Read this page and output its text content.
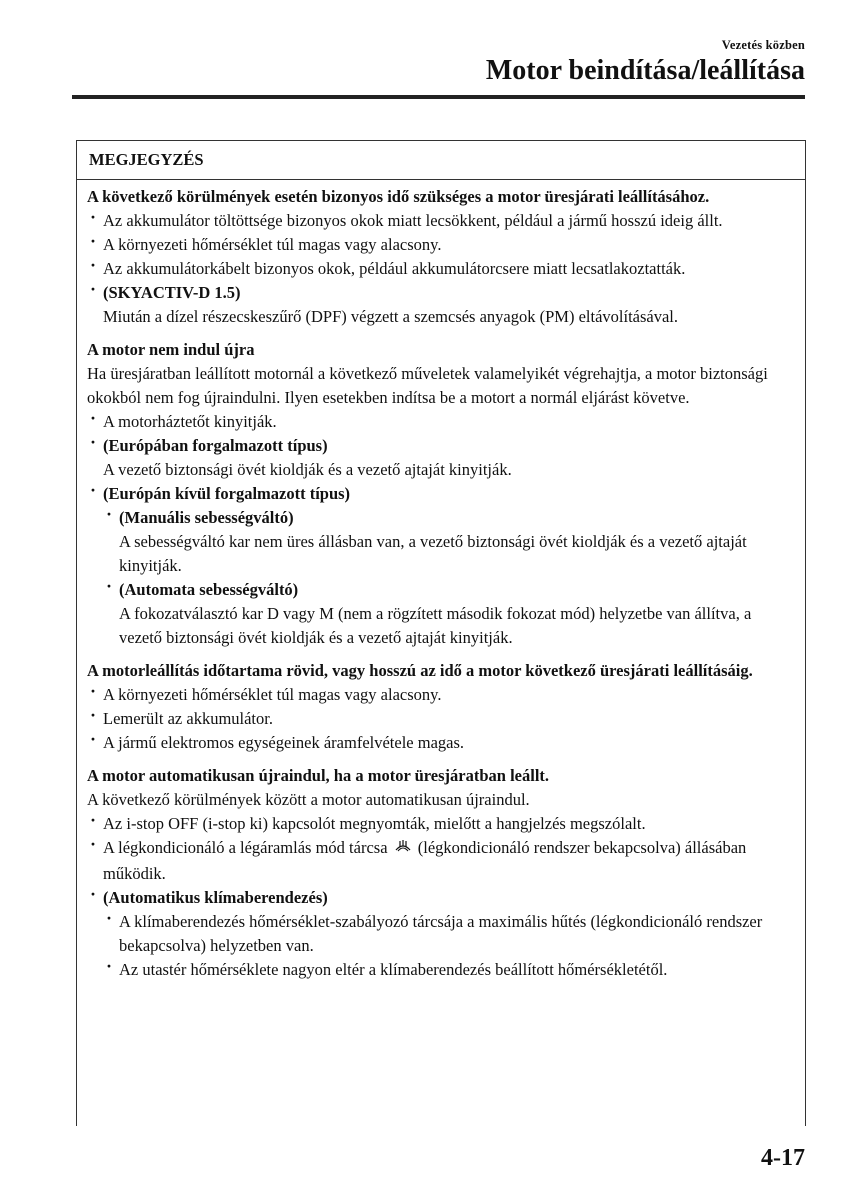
Vezetés közben
Motor beindítása/leállítása
MEGJEGYZÉS

A következő körülmények esetén bizonyos idő szükséges a motor üresjárati leállításához.

· Az akkumulátor töltöttsége bizonyos okok miatt lecsökkent, például a jármű hosszú ideig állt.
· A környezeti hőmérséklet túl magas vagy alacsony.
· Az akkumulátorkábelt bizonyos okok, például akkumulátorcsere miatt lecsatlakoztatták.
· (SKYACTIV-D 1.5)
Miután a dízel részecskeszűrő (DPF) végzett a szemcsés anyagok (PM) eltávolításával.

A motor nem indul újra

Ha üresjáratban leállított motornál a következő műveletek valamelyikét végrehajtja, a motor biztonsági okokból nem fog újraindulni. Ilyen esetekben indítsa be a motort a normál eljárást követve.

· A motorháztetőt kinyitják.
· (Európában forgalmazott típus)
A vezető biztonsági övét kioldják és a vezető ajtaját kinyitják.
· (Európán kívül forgalmazott típus)
· (Manuális sebességváltó)
A sebességváltó kar nem üres állásban van, a vezető biztonsági övét kioldják és a vezető ajtaját kinyitják.
· (Automata sebességváltó)
A fokozatválasztó kar D vagy M (nem a rögzített második fokozat mód) helyzetbe van állítva, a vezető biztonsági övét kioldják és a vezető ajtaját kinyitják.

A motorleállítás időtartama rövid, vagy hosszú az idő a motor következő üresjárati leállításáig.

· A környezeti hőmérséklet túl magas vagy alacsony.
· Lemerült az akkumulátor.
· A jármű elektromos egységeinek áramfelvétele magas.

A motor automatikusan újraindul, ha a motor üresjáratban leállt.

A következő körülmények között a motor automatikusan újraindul.

· Az i-stop OFF (i-stop ki) kapcsolót megnyomták, mielőtt a hangjelzés megszólalt.
· A légkondicionáló a légáramlás mód tárcsa (légkondicionáló rendszer bekapcsolva) állásában működik.
· (Automatikus klímaberendezés)
· A klímaberendezés hőmérséklet-szabályozó tárcsája a maximális hűtés (légkondicionáló rendszer bekapcsolva) helyzetben van.
· Az utastér hőmérséklete nagyon eltér a klímaberendezés beállított hőmérsékletétől.
4-17
